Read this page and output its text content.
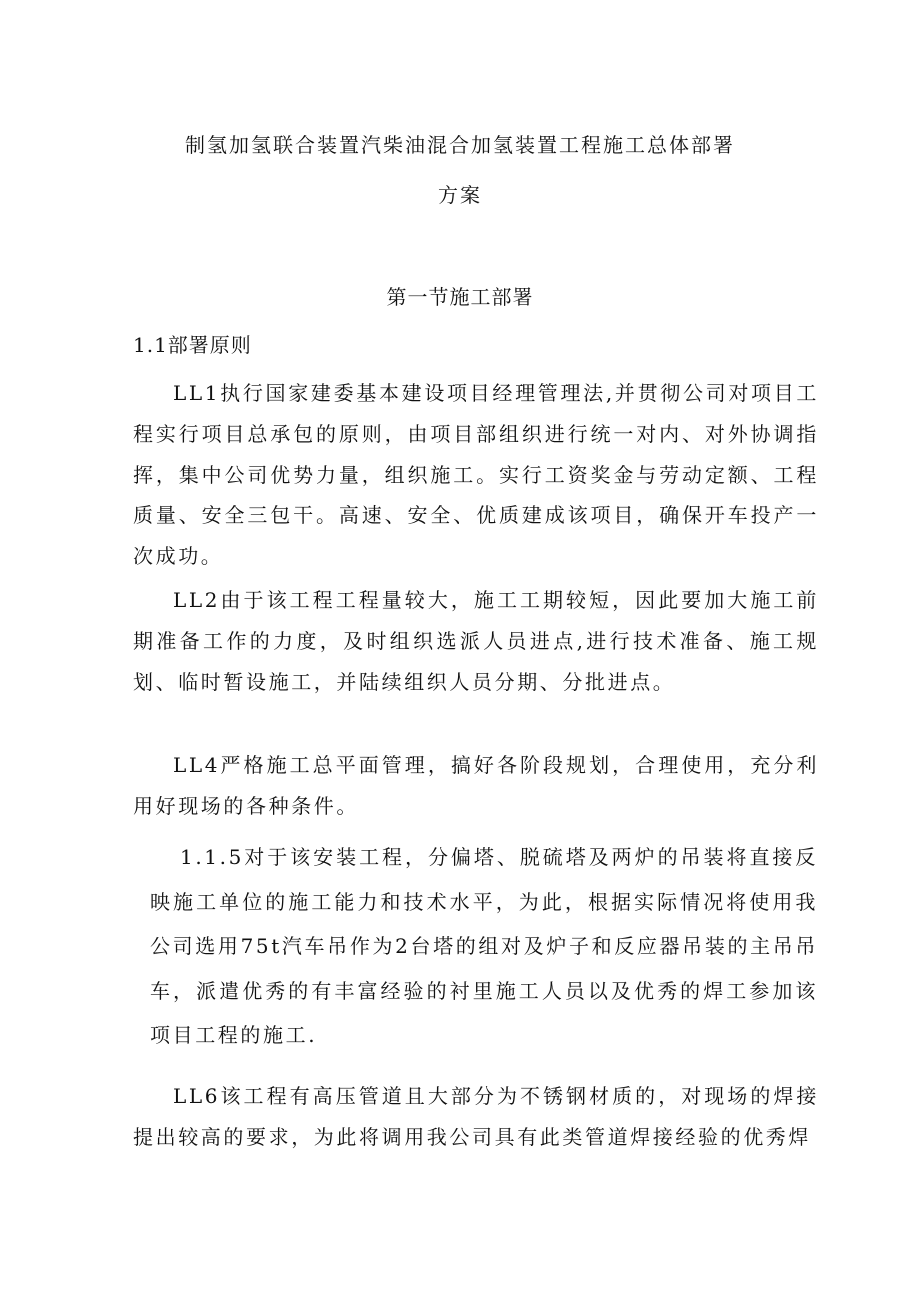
制氢加氢联合装置汽柴油混合加氢装置工程施工总体部署
方案
第一节施工部署
1.1部署原则

LL1执行国家建委基本建设项目经理管理法,并贯彻公司对项目工程实行项目总承包的原则，由项目部组织进行统一对内、对外协调指挥，集中公司优势力量，组织施工。实行工资奖金与劳动定额、工程质量、安全三包干。高速、安全、优质建成该项目，确保开车投产一次成功。

LL2由于该工程工程量较大，施工工期较短，因此要加大施工前期准备工作的力度，及时组织选派人员进点,进行技术准备、施工规划、临时暂设施工，并陆续组织人员分期、分批进点。

LL4严格施工总平面管理，搞好各阶段规划，合理使用，充分利用好现场的各种条件。

1.1.5对于该安装工程，分偏塔、脱硫塔及两炉的吊装将直接反映施工单位的施工能力和技术水平，为此，根据实际情况将使用我公司选用75t汽车吊作为2台塔的组对及炉子和反应器吊装的主吊吊车，派遣优秀的有丰富经验的衬里施工人员以及优秀的焊工参加该项目工程的施工.

LL6该工程有高压管道且大部分为不锈钢材质的，对现场的焊接提出较高的要求，为此将调用我公司具有此类管道焊接经验的优秀焊
